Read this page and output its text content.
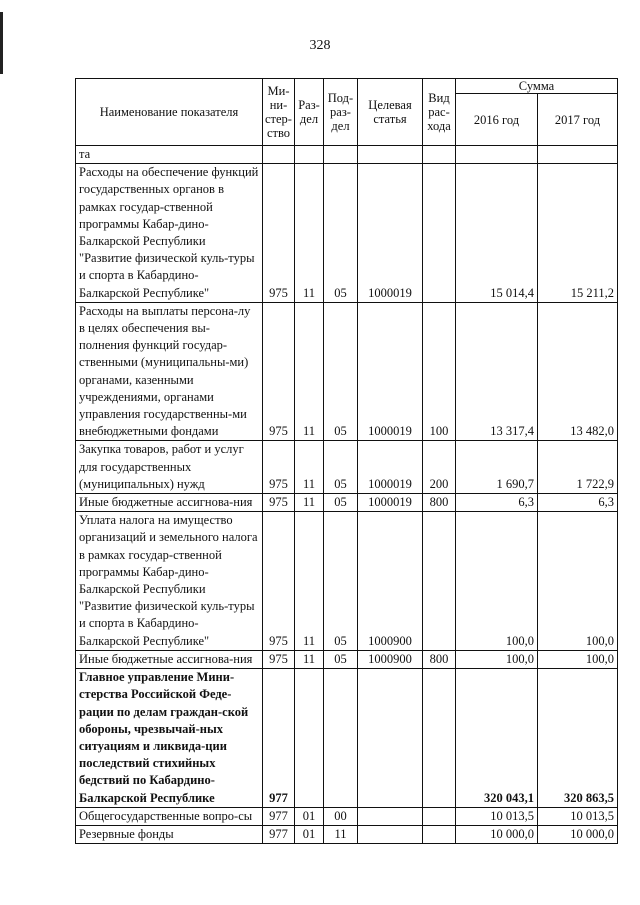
328
Наименование показателя	Ми-ни-стер-ство	Раз-дел	Под-раз-дел	Целевая статья	Вид рас-хода	Сумма	
						2016 год	2017 год
та							
Расходы на обеспечение функций государственных органов в рамках государ-ственной программы Кабар-дино-Балкарской Республики "Развитие физической куль-туры и спорта в Кабардино-Балкарской Республике"	975	11	05	1000019		15 014,4	15 211,2
Расходы на выплаты персона-лу в целях обеспечения вы-полнения функций государ-ственными (муниципальны-ми) органами, казенными учреждениями, органами управления государственны-ми внебюджетными фондами	975	11	05	1000019	100	13 317,4	13 482,0
Закупка товаров, работ и услуг для государственных (муниципальных) нужд	975	11	05	1000019	200	1 690,7	1 722,9
Иные бюджетные ассигнова-ния	975	11	05	1000019	800	6,3	6,3
Уплата налога на имущество организаций и земельного налога в рамках государ-ственной программы Кабар-дино-Балкарской Республики "Развитие физической куль-туры и спорта в Кабардино-Балкарской Республике"	975	11	05	1000900		100,0	100,0
Иные бюджетные ассигнова-ния	975	11	05	1000900	800	100,0	100,0
Главное управление Мини-стерства Российской Феде-рации по делам граждан-ской обороны, чрезвычай-ных ситуациям и ликвида-ции последствий стихийных бедствий по Кабардино-Балкарской Республике	977					320 043,1	320 863,5
Общегосударственные вопро-сы	977	01	00			10 013,5	10 013,5
Резервные фонды	977	01	11			10 000,0	10 000,0
